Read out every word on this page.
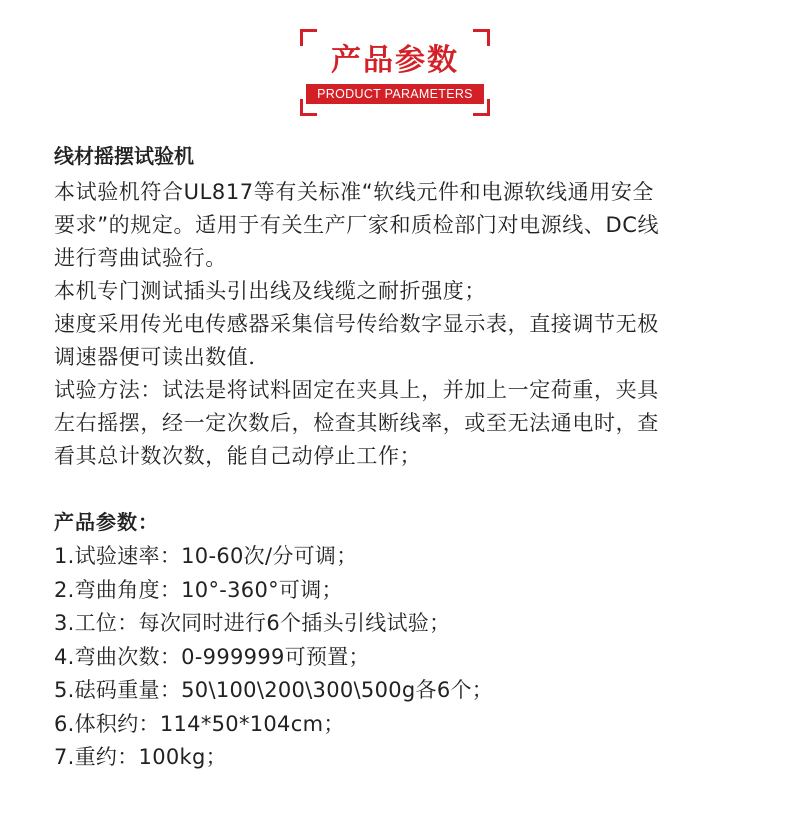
产品参数
PRODUCT PARAMETERS
线材摇摆试验机

本试验机符合UL817等有关标准“软线元件和电源软线通用安全

要求”的规定。适用于有关生产厂家和质检部门对电源线、DC线

进行弯曲试验行。

本机专门测试插头引出线及线缆之耐折强度；

速度采用传光电传感器采集信号传给数字显示表，直接调节无极

调速器便可读出数值．

试验方法：试法是将试料固定在夹具上，并加上一定荷重，夹具

左右摇摆，经一定次数后，检查其断线率，或至无法通电时，查

看其总计数次数，能自己动停止工作；

产品参数：
1.试验速率：10-60次/分可调；
2.弯曲角度：10°-360°可调；
3.工位：每次同时进行6个插头引线试验；
4.弯曲次数：0-999999可预置；
5.砝码重量：50\100\200\300\500g各6个；
6.体积约：114*50*104cm；
7.重约：100kg；
